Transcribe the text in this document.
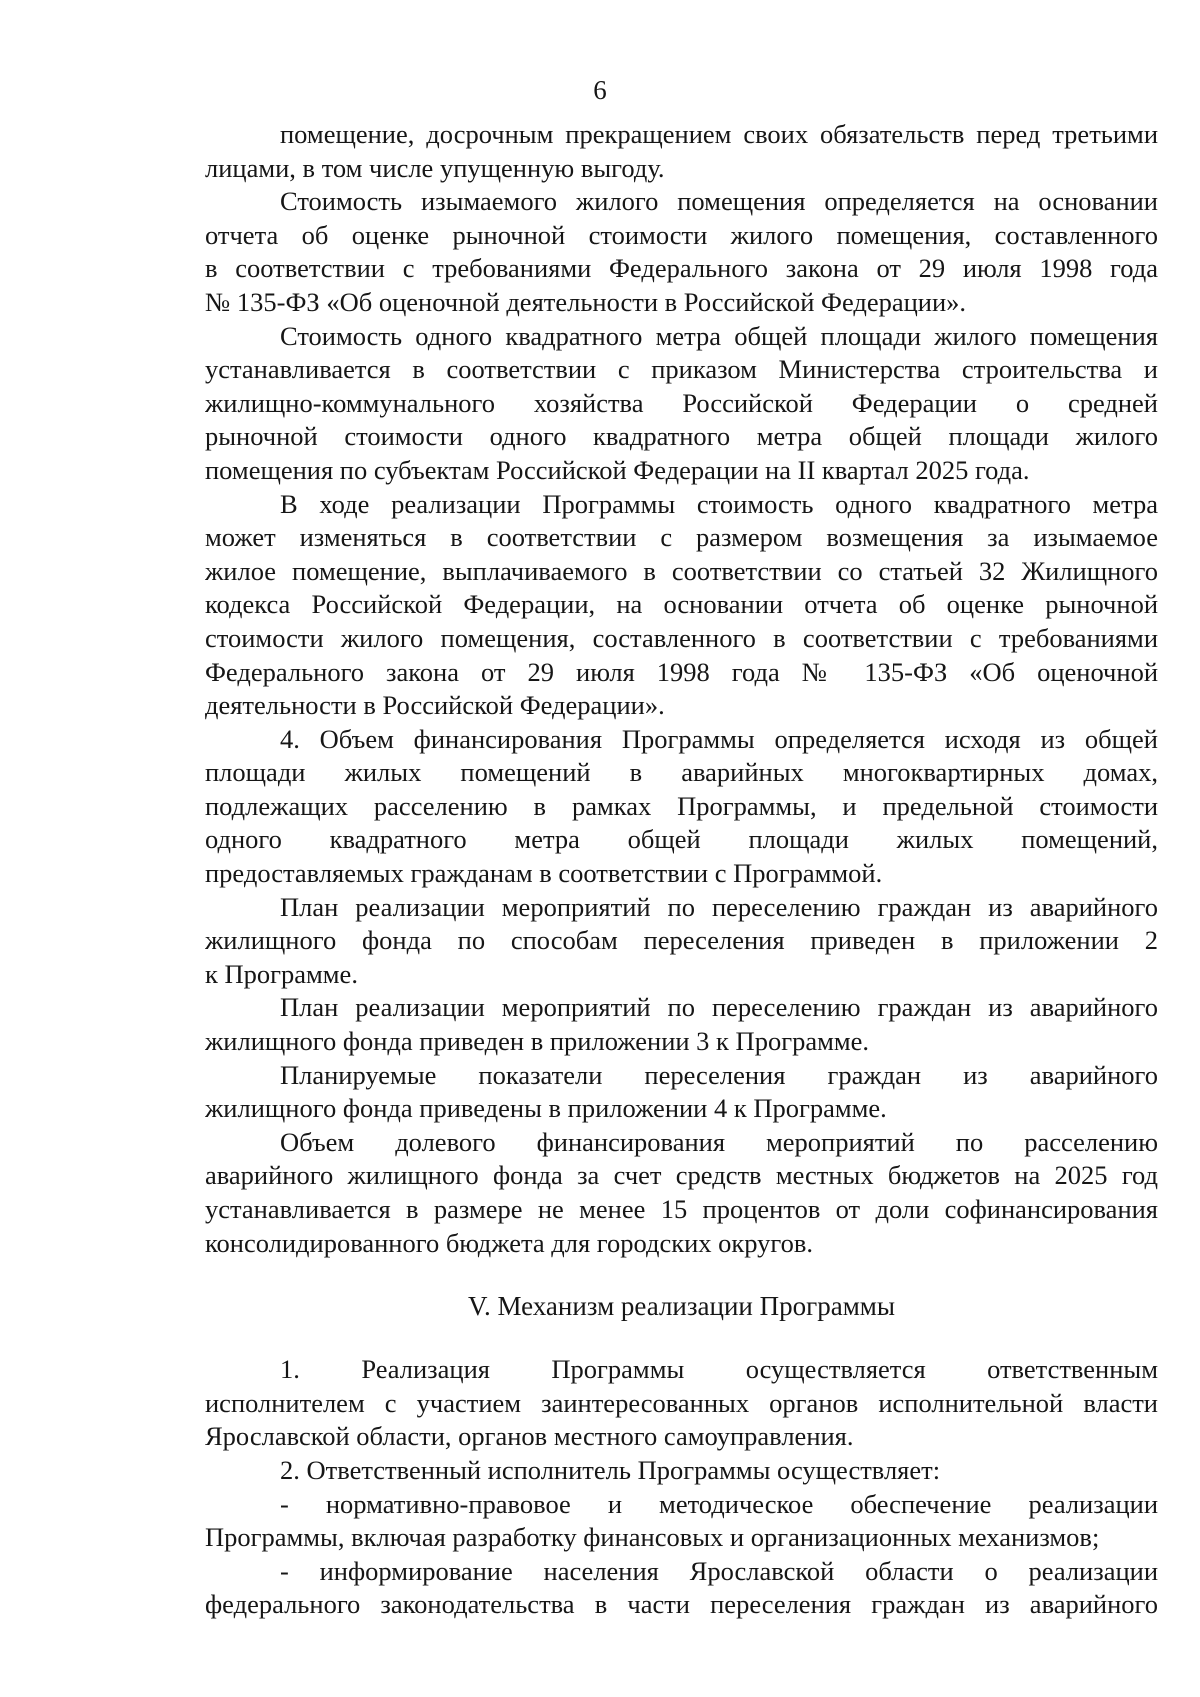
6
помещение, досрочным прекращением своих обязательств перед третьими
лицами, в том числе упущенную выгоду.
Стоимость изымаемого жилого помещения определяется на основании
отчета об оценке рыночной стоимости жилого помещения, составленного
в соответствии с требованиями Федерального закона от 29 июля 1998 года
№ 135-ФЗ «Об оценочной деятельности в Российской Федерации».
Стоимость одного квадратного метра общей площади жилого помещения
устанавливается в соответствии с приказом Министерства строительства и
жилищно-коммунального хозяйства Российской Федерации о средней
рыночной стоимости одного квадратного метра общей площади жилого
помещения по субъектам Российской Федерации на II квартал 2025 года.
В ходе реализации Программы стоимость одного квадратного метра
может изменяться в соответствии с размером возмещения за изымаемое
жилое помещение, выплачиваемого в соответствии со статьей 32 Жилищного
кодекса Российской Федерации, на основании отчета об оценке рыночной
стоимости жилого помещения, составленного в соответствии с требованиями
Федерального закона от 29 июля 1998 года № 135-ФЗ «Об оценочной
деятельности в Российской Федерации».
4. Объем финансирования Программы определяется исходя из общей
площади жилых помещений в аварийных многоквартирных домах,
подлежащих расселению в рамках Программы, и предельной стоимости
одного квадратного метра общей площади жилых помещений,
предоставляемых гражданам в соответствии с Программой.
План реализации мероприятий по переселению граждан из аварийного
жилищного фонда по способам переселения приведен в приложении 2
к Программе.
План реализации мероприятий по переселению граждан из аварийного
жилищного фонда приведен в приложении 3 к Программе.
Планируемые показатели переселения граждан из аварийного
жилищного фонда приведены в приложении 4 к Программе.
Объем долевого финансирования мероприятий по расселению
аварийного жилищного фонда за счет средств местных бюджетов на 2025 год
устанавливается в размере не менее 15 процентов от доли софинансирования
консолидированного бюджета для городских округов.
V. Механизм реализации Программы
1. Реализация Программы осуществляется ответственным
исполнителем с участием заинтересованных органов исполнительной власти
Ярославской области, органов местного самоуправления.
2. Ответственный исполнитель Программы осуществляет:
- нормативно-правовое и методическое обеспечение реализации
Программы, включая разработку финансовых и организационных механизмов;
- информирование населения Ярославской области о реализации
федерального законодательства в части переселения граждан из аварийного
